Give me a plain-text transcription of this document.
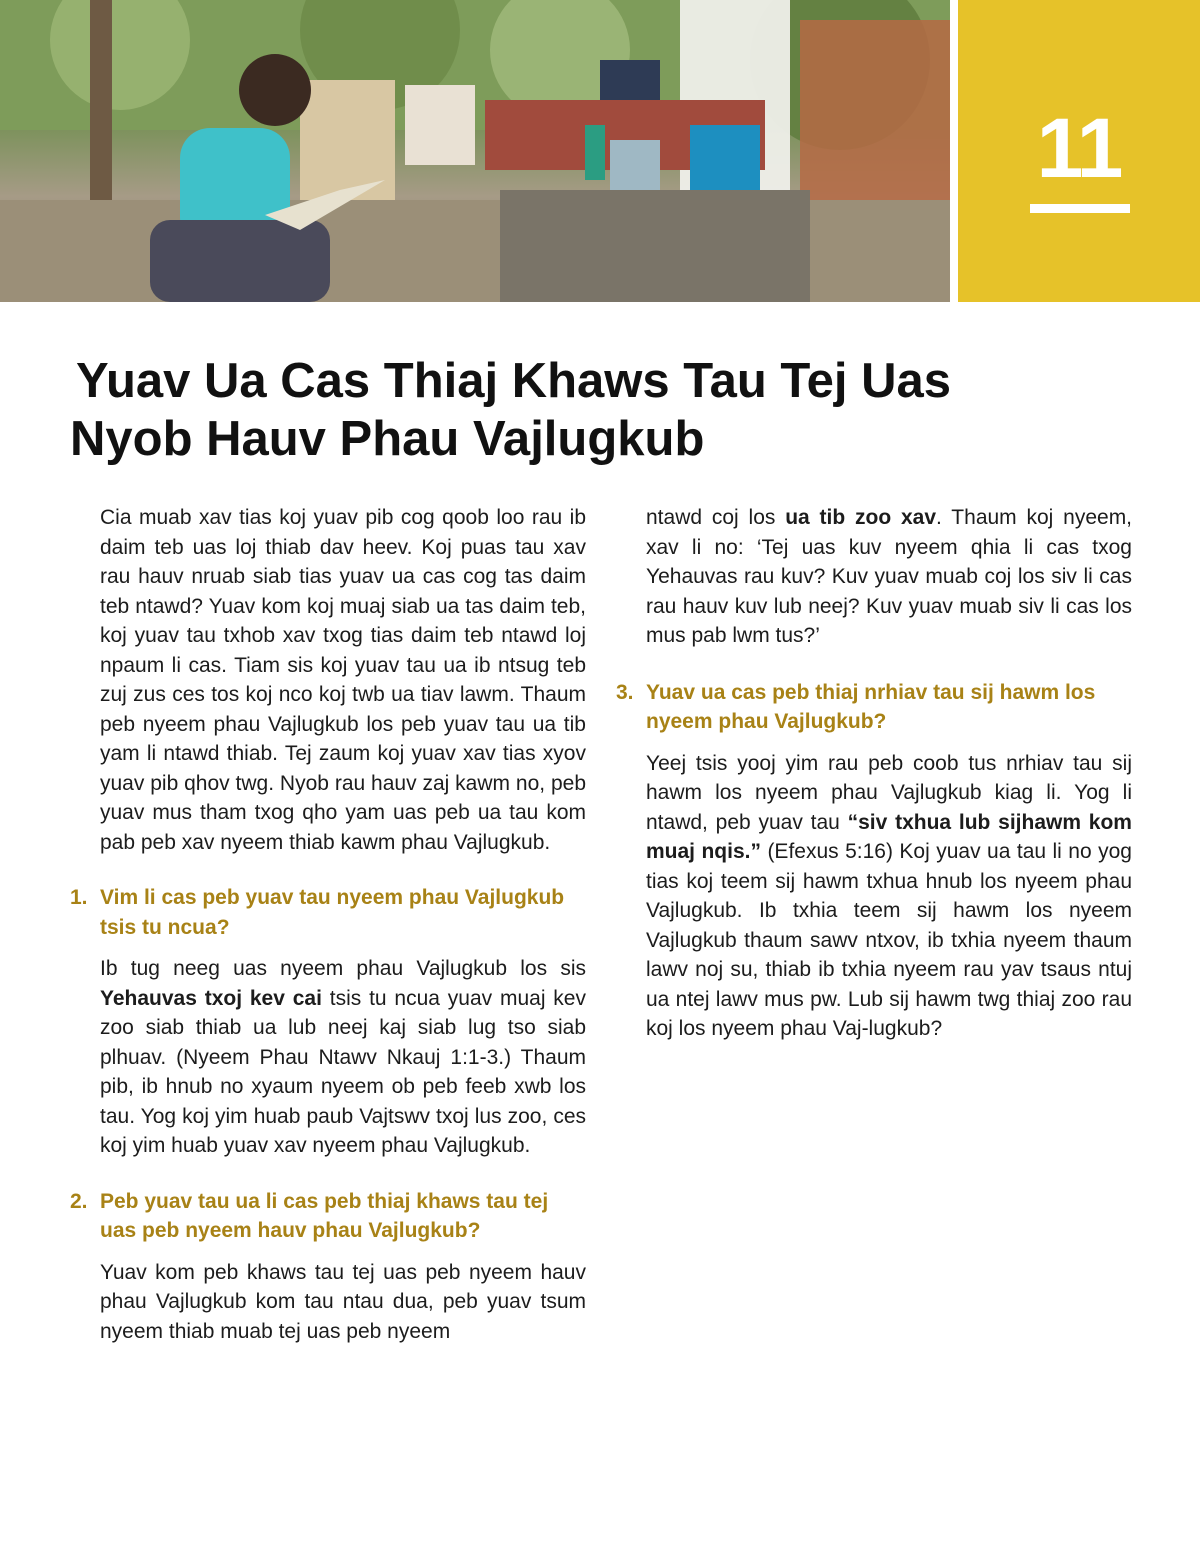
11
Yuav Ua Cas Thiaj Khaws Tau Tej Uas
Nyob Hauv Phau Vajlugkub

Cia muab xav tias koj yuav pib cog qoob loo rau ib daim teb uas loj thiab dav heev. Koj puas tau xav rau hauv nruab siab tias yuav ua cas cog tas daim teb ntawd? Yuav kom koj muaj siab ua tas daim teb, koj yuav tau txhob xav txog tias daim teb ntawd loj npaum li cas. Tiam sis koj yuav tau ua ib ntsug teb zuj zus ces tos koj nco koj twb ua tiav lawm. Thaum peb nyeem phau Vajlugkub los peb yuav tau ua tib yam li ntawd thiab. Tej zaum koj yuav xav tias xyov yuav pib qhov twg. Nyob rau hauv zaj kawm no, peb yuav mus tham txog qho yam uas peb ua tau kom pab peb xav nyeem thiab kawm phau Vajlugkub.

1. Vim li cas peb yuav tau nyeem phau Vajlugkub tsis tu ncua?

Ib tug neeg uas nyeem phau Vajlugkub los sis Yehauvas txoj kev cai tsis tu ncua yuav muaj kev zoo siab thiab ua lub neej kaj siab lug tso siab plhuav. (Nyeem Phau Ntawv Nkauj 1:1-3.) Thaum pib, ib hnub no xyaum nyeem ob peb feeb xwb los tau. Yog koj yim huab paub Vajtswv txoj lus zoo, ces koj yim huab yuav xav nyeem phau Vajlugkub.

2. Peb yuav tau ua li cas peb thiaj khaws tau tej uas peb nyeem hauv phau Vajlugkub?

Yuav kom peb khaws tau tej uas peb nyeem hauv phau Vajlugkub kom tau ntau dua, peb yuav tsum nyeem thiab muab tej uas peb nyeem

ntawd coj los ua tib zoo xav. Thaum koj nyeem, xav li no: ‘Tej uas kuv nyeem qhia li cas txog Yehauvas rau kuv? Kuv yuav muab coj los siv li cas rau hauv kuv lub neej? Kuv yuav muab siv li cas los mus pab lwm tus?’

3. Yuav ua cas peb thiaj nrhiav tau sij hawm los nyeem phau Vajlugkub?

Yeej tsis yooj yim rau peb coob tus nrhiav tau sij hawm los nyeem phau Vajlugkub kiag li. Yog li ntawd, peb yuav tau “siv txhua lub sijhawm kom muaj nqis.” (Efexus 5:16) Koj yuav ua tau li no yog tias koj teem sij hawm txhua hnub los nyeem phau Vajlugkub. Ib txhia teem sij hawm los nyeem Vajlugkub thaum sawv ntxov, ib txhia nyeem thaum lawv noj su, thiab ib txhia nyeem rau yav tsaus ntuj ua ntej lawv mus pw. Lub sij hawm twg thiaj zoo rau koj los nyeem phau Vaj-lugkub?
